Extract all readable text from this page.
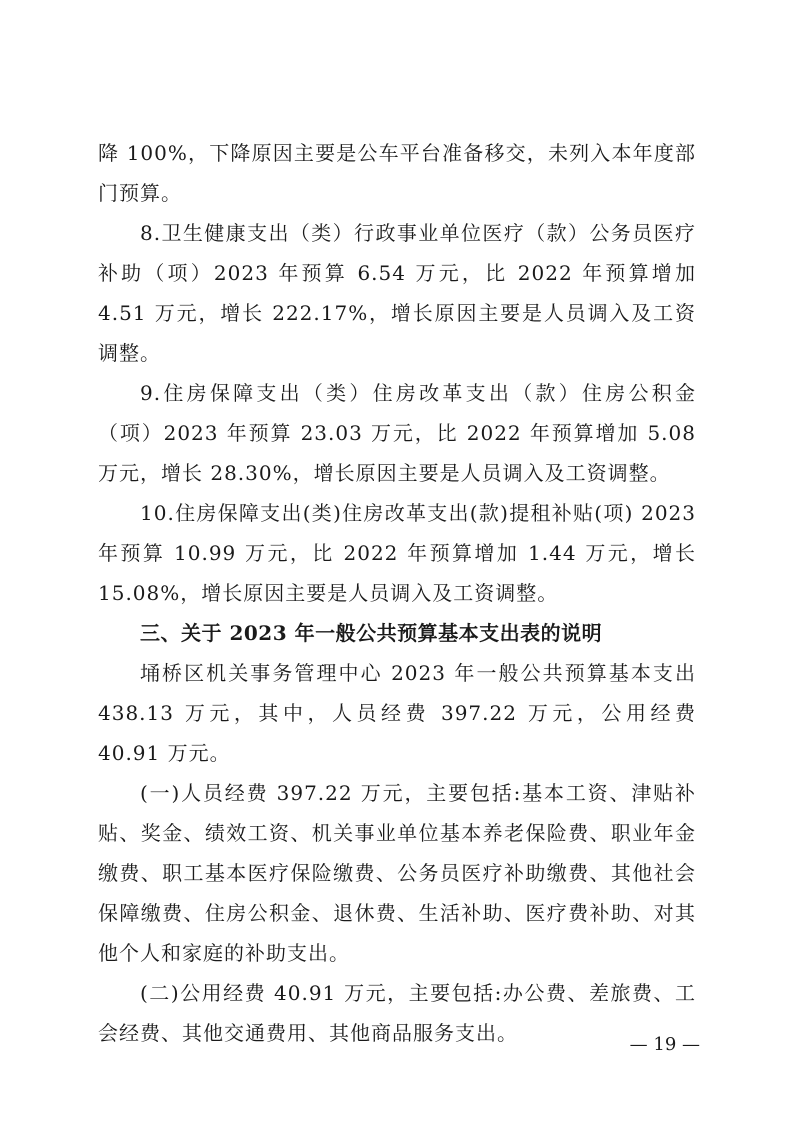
降 100%，下降原因主要是公车平台准备移交，未列入本年度部门预算。

8.卫生健康支出（类）行政事业单位医疗（款）公务员医疗补助（项）2023 年预算 6.54 万元，比 2022 年预算增加 4.51 万元，增长 222.17%，增长原因主要是人员调入及工资调整。

9.住房保障支出（类）住房改革支出（款）住房公积金（项）2023 年预算 23.03 万元，比 2022 年预算增加 5.08 万元，增长 28.30%，增长原因主要是人员调入及工资调整。

10.住房保障支出(类)住房改革支出(款)提租补贴(项) 2023 年预算 10.99 万元，比 2022 年预算增加 1.44 万元，增长 15.08%，增长原因主要是人员调入及工资调整。

三、关于 2023 年一般公共预算基本支出表的说明

埇桥区机关事务管理中心 2023 年一般公共预算基本支出 438.13 万元，其中，人员经费 397.22 万元，公用经费 40.91 万元。

(一)人员经费 397.22 万元，主要包括:基本工资、津贴补贴、奖金、绩效工资、机关事业单位基本养老保险费、职业年金缴费、职工基本医疗保险缴费、公务员医疗补助缴费、其他社会保障缴费、住房公积金、退休费、生活补助、医疗费补助、对其他个人和家庭的补助支出。

(二)公用经费 40.91 万元，主要包括:办公费、差旅费、工会经费、其他交通费用、其他商品服务支出。	— 19 —
